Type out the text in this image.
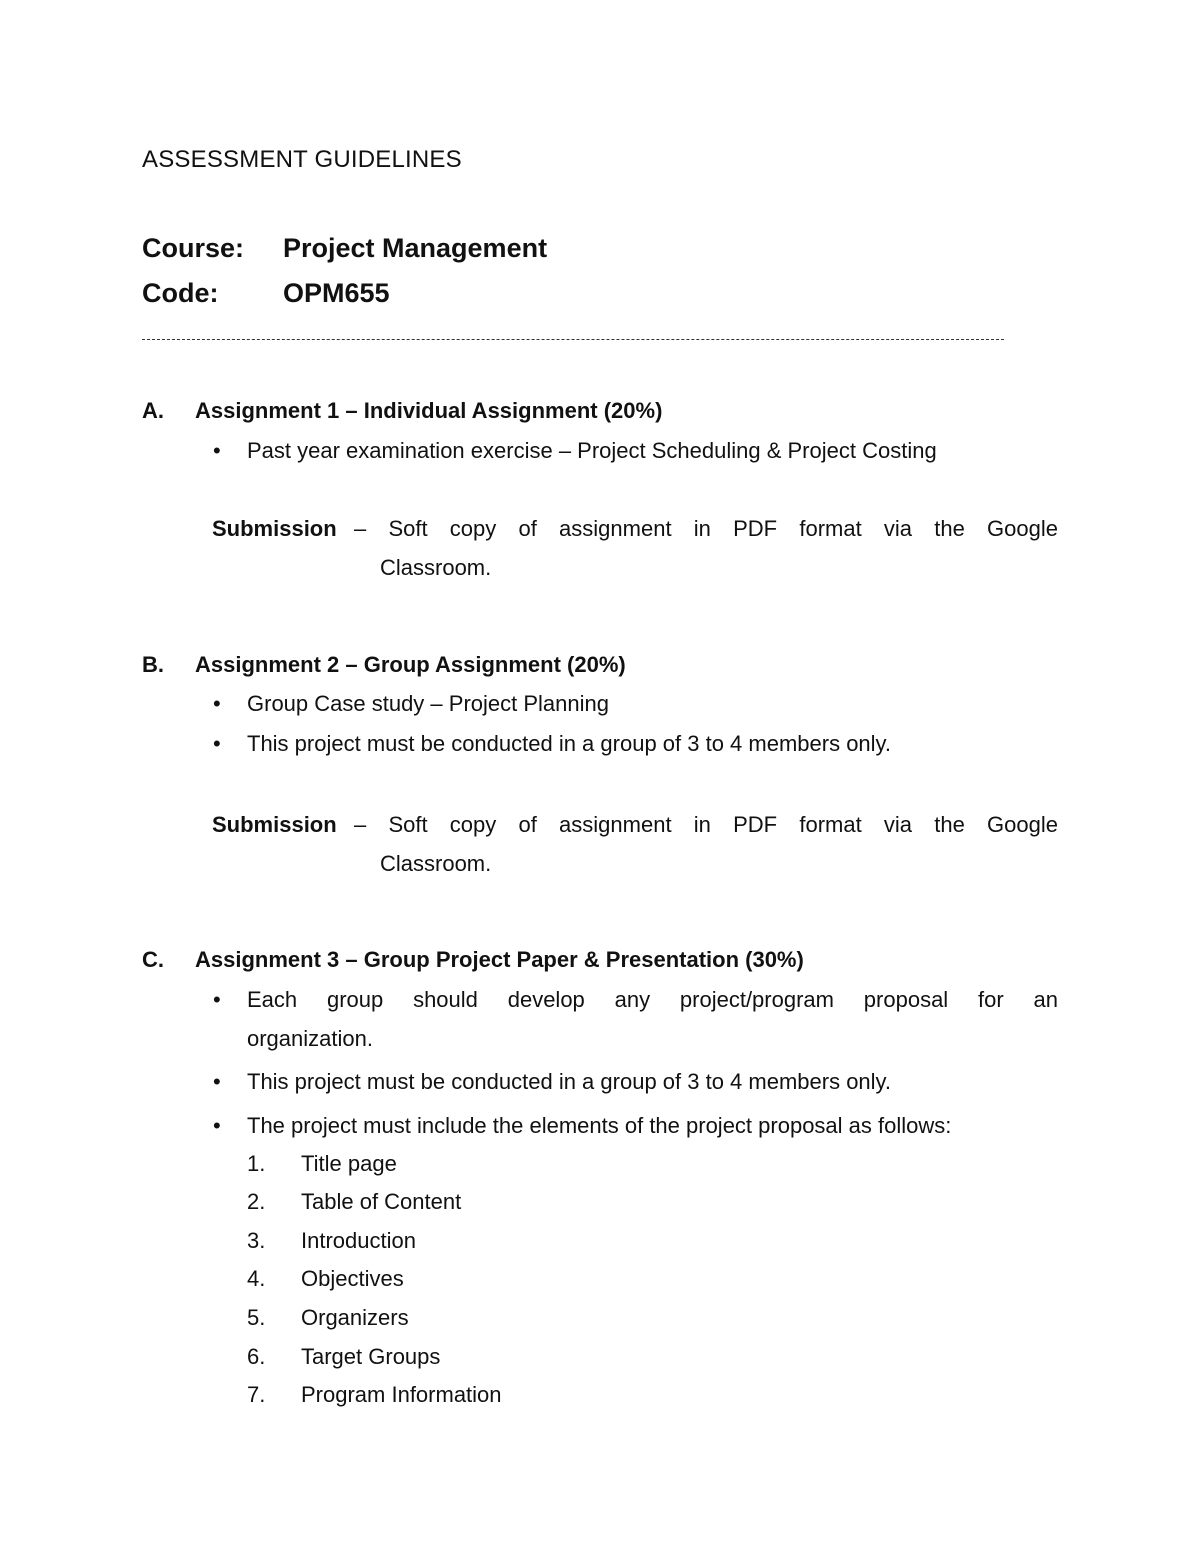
ASSESSMENT GUIDELINES
Course: Project Management
Code: OPM655
A. Assignment 1 – Individual Assignment (20%)
• Past year examination exercise – Project Scheduling & Project Costing
Submission – Soft copy of assignment in PDF format via the Google
Classroom.
B. Assignment 2 – Group Assignment (20%)
• Group Case study – Project Planning
• This project must be conducted in a group of 3 to 4 members only.
Submission – Soft copy of assignment in PDF format via the Google
Classroom.
C. Assignment 3 – Group Project Paper & Presentation (30%)
• Each group should develop any project/program proposal for an
organization.
• This project must be conducted in a group of 3 to 4 members only.
• The project must include the elements of the project proposal as follows:
1. Title page
2. Table of Content
3. Introduction
4. Objectives
5. Organizers
6. Target Groups
7. Program Information
